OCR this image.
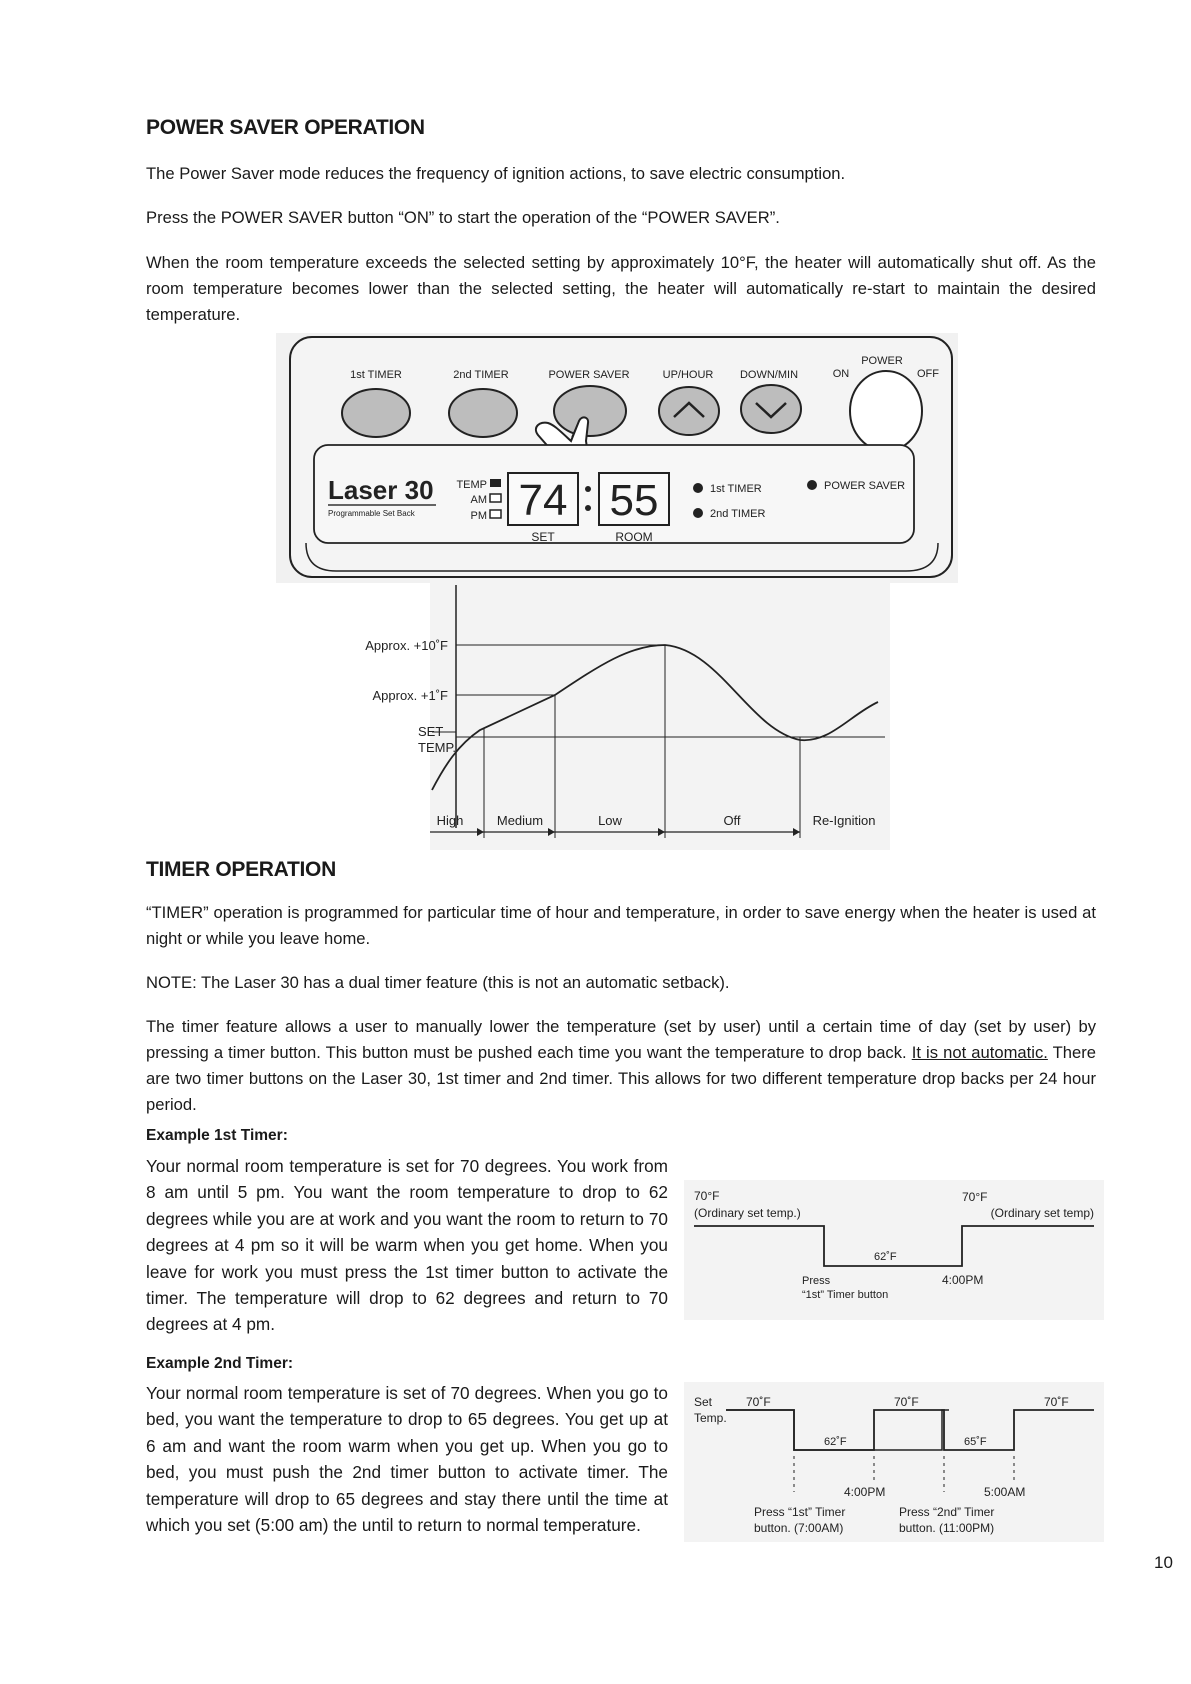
POWER SAVER OPERATION

The Power Saver mode reduces the frequency of ignition actions, to save electric consumption.

Press the POWER SAVER button “ON” to start the operation of the “POWER SAVER”.

When the room temperature exceeds the selected setting by approximately 10°F, the heater will automatically shut off. As the room temperature becomes lower than the selected setting, the heater will automatically re-start to maintain the desired temperature.

1st TIMER	2nd TIMER	POWER SAVER	UP/HOUR DOWN/MIN
POWER
ON	OFF
Laser 30
Programmable Set Back
TEMP
AM
PM 74 55
SET	ROOM
1st TIMER
2nd TIMER
POWER SAVER
Approx. +10˚F
Approx. +1˚F
SET
TEMP.
High	Medium	Low	Off	Re-Ignition
TIMER OPERATION

“TIMER” operation is programmed for particular time of hour and temperature, in order to save energy when the heater is used at night or while you leave home.

NOTE: The Laser 30 has a dual timer feature (this is not an automatic setback).

The timer feature allows a user to manually lower the temperature (set by user) until a certain time of day (set by user) by pressing a timer button. This button must be pushed each time you want the temperature to drop back. It is not automatic. There are two timer buttons on the Laser 30, 1st timer and 2nd timer. This allows for two different temperature drop backs per 24 hour period.

Example 1st Timer:

Your normal room temperature is set for 70 degrees. You work from 8 am until 5 pm. You want the room temperature to drop to 62 degrees while you are at work and you want the room to return to 70 degrees at 4 pm so it will be warm when you get home. When you leave for work you must press the 1st timer button to activate the timer. The temperature will drop to 62 degrees and return to 70 degrees at 4 pm.

Example 2nd Timer:

Your normal room temperature is set of 70 degrees. When you go to bed, you want the temperature to drop to 65 degrees. You get up at 6 am and want the room warm when you get up. When you go to bed, you must push the 2nd timer button to activate timer. The temperature will drop to 65 degrees and stay there until the time at which you set (5:00 am) the until to return to normal temperature.

70°F
(Ordinary set temp.)
70°F
(Ordinary set temp)
62˚F
Press
“1st” Timer button
4:00PM
Set
Temp.
70˚F	70˚F	70˚F
62˚F	65˚F
4:00PM	5:00AM
Press “1st” Timer
button. (7:00AM)
Press “2nd” Timer
button. (11:00PM)
10
